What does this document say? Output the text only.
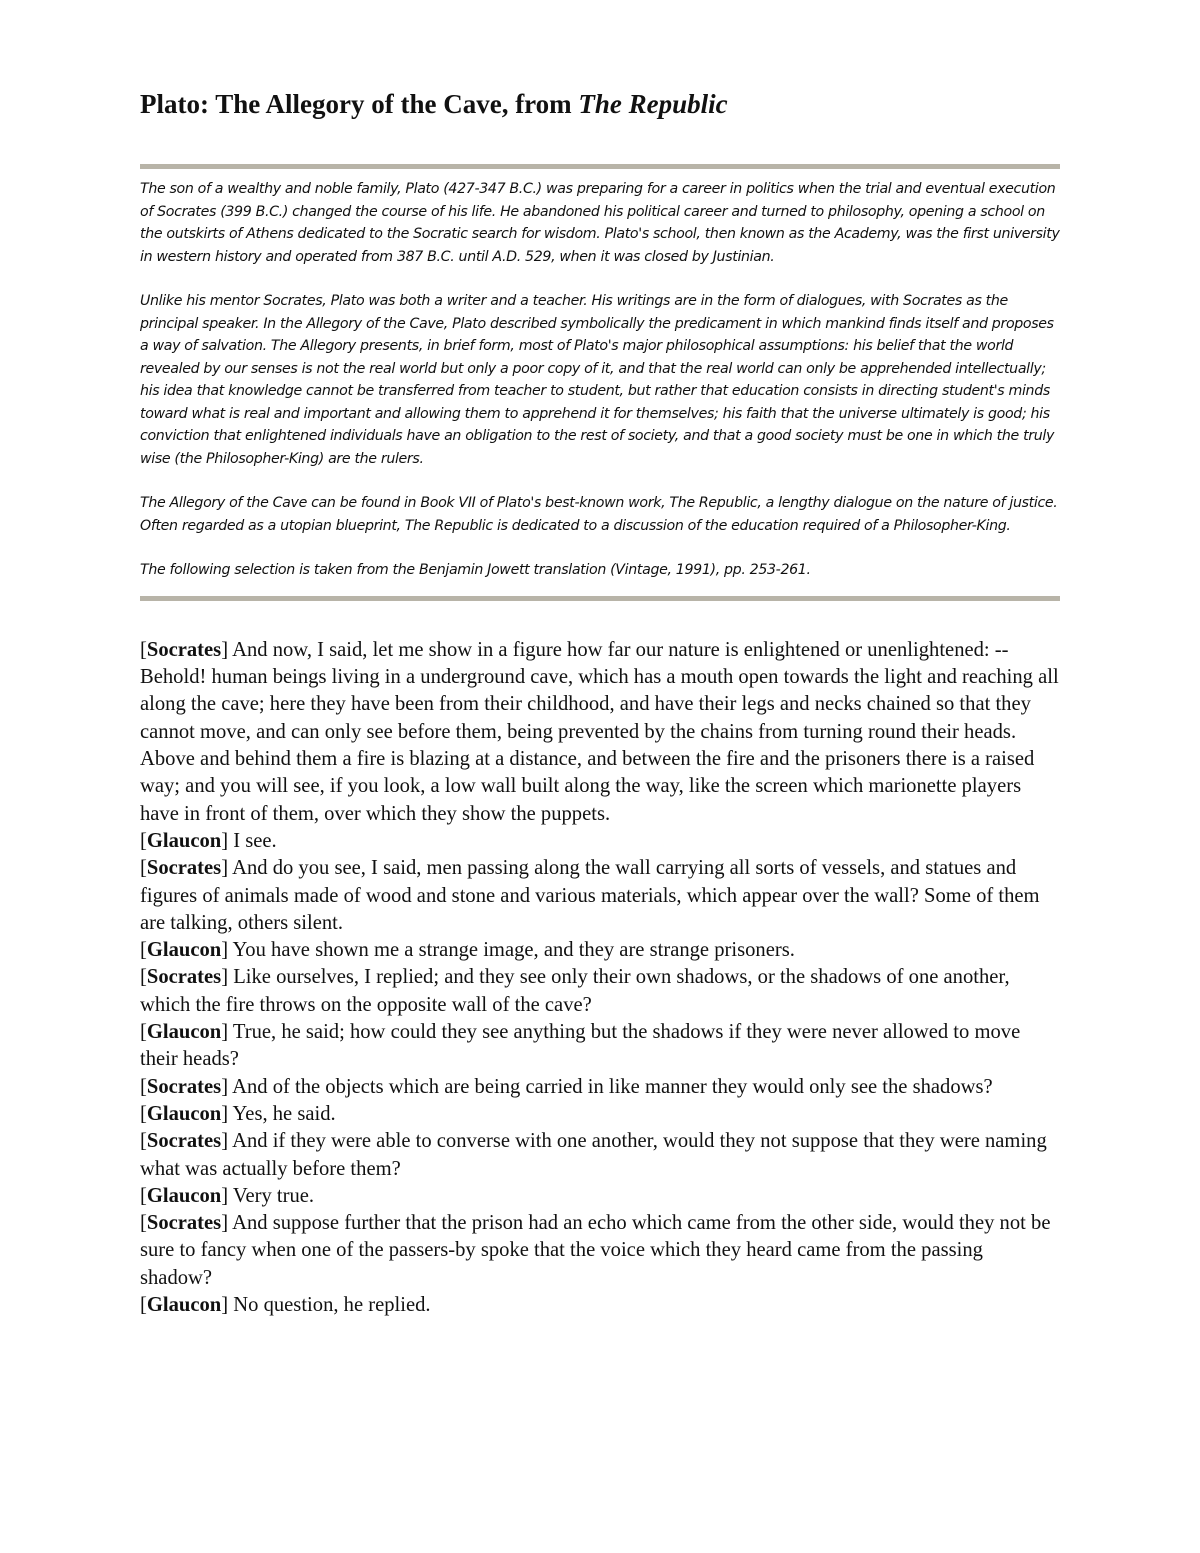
Plato: The Allegory of the Cave, from The Republic

The son of a wealthy and noble family, Plato (427-347 B.C.) was preparing for a career in politics when the trial and eventual execution of Socrates (399 B.C.) changed the course of his life. He abandoned his political career and turned to philosophy, opening a school on the outskirts of Athens dedicated to the Socratic search for wisdom. Plato's school, then known as the Academy, was the first university in western history and operated from 387 B.C. until A.D. 529, when it was closed by Justinian.

Unlike his mentor Socrates, Plato was both a writer and a teacher. His writings are in the form of dialogues, with Socrates as the principal speaker. In the Allegory of the Cave, Plato described symbolically the predicament in which mankind finds itself and proposes a way of salvation. The Allegory presents, in brief form, most of Plato's major philosophical assumptions: his belief that the world revealed by our senses is not the real world but only a poor copy of it, and that the real world can only be apprehended intellectually; his idea that knowledge cannot be transferred from teacher to student, but rather that education consists in directing student's minds toward what is real and important and allowing them to apprehend it for themselves; his faith that the universe ultimately is good; his conviction that enlightened individuals have an obligation to the rest of society, and that a good society must be one in which the truly wise (the Philosopher-King) are the rulers.

The Allegory of the Cave can be found in Book VII of Plato's best-known work, The Republic, a lengthy dialogue on the nature of justice. Often regarded as a utopian blueprint, The Republic is dedicated to a discussion of the education required of a Philosopher-King.

The following selection is taken from the Benjamin Jowett translation (Vintage, 1991), pp. 253-261.

[Socrates] And now, I said, let me show in a figure how far our nature is enlightened or unenlightened: --Behold! human beings living in a underground cave, which has a mouth open towards the light and reaching all along the cave; here they have been from their childhood, and have their legs and necks chained so that they cannot move, and can only see before them, being prevented by the chains from turning round their heads. Above and behind them a fire is blazing at a distance, and between the fire and the prisoners there is a raised way; and you will see, if you look, a low wall built along the way, like the screen which marionette players have in front of them, over which they show the puppets.

[Glaucon] I see.

[Socrates] And do you see, I said, men passing along the wall carrying all sorts of vessels, and statues and figures of animals made of wood and stone and various materials, which appear over the wall? Some of them are talking, others silent.

[Glaucon] You have shown me a strange image, and they are strange prisoners.

[Socrates] Like ourselves, I replied; and they see only their own shadows, or the shadows of one another, which the fire throws on the opposite wall of the cave?

[Glaucon] True, he said; how could they see anything but the shadows if they were never allowed to move their heads?

[Socrates] And of the objects which are being carried in like manner they would only see the shadows?

[Glaucon] Yes, he said.

[Socrates] And if they were able to converse with one another, would they not suppose that they were naming what was actually before them?

[Glaucon] Very true.

[Socrates] And suppose further that the prison had an echo which came from the other side, would they not be sure to fancy when one of the passers-by spoke that the voice which they heard came from the passing shadow?

[Glaucon] No question, he replied.
